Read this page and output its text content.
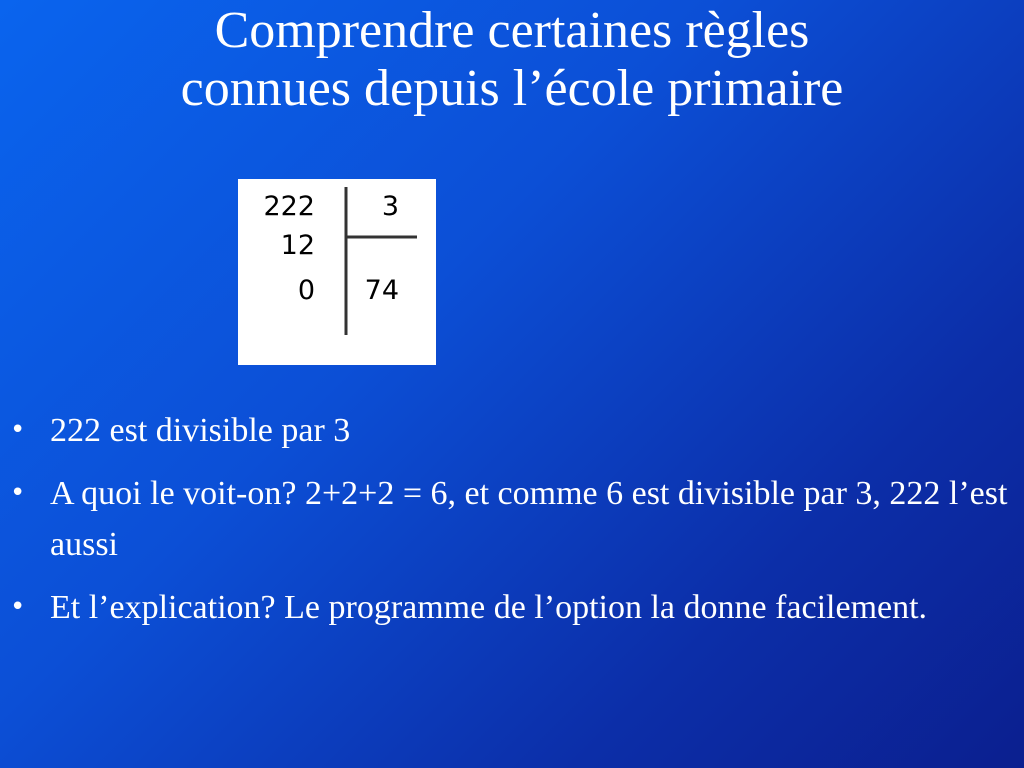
Comprendre certaines règles
connues depuis l’école primaire
222 3
12
0 74
• 222 est divisible par 3
• A quoi le voit-on? 2+2+2 = 6, et comme 6 est divisible par 3, 222 l’est aussi
• Et l’explication? Le programme de l’option la donne facilement.
